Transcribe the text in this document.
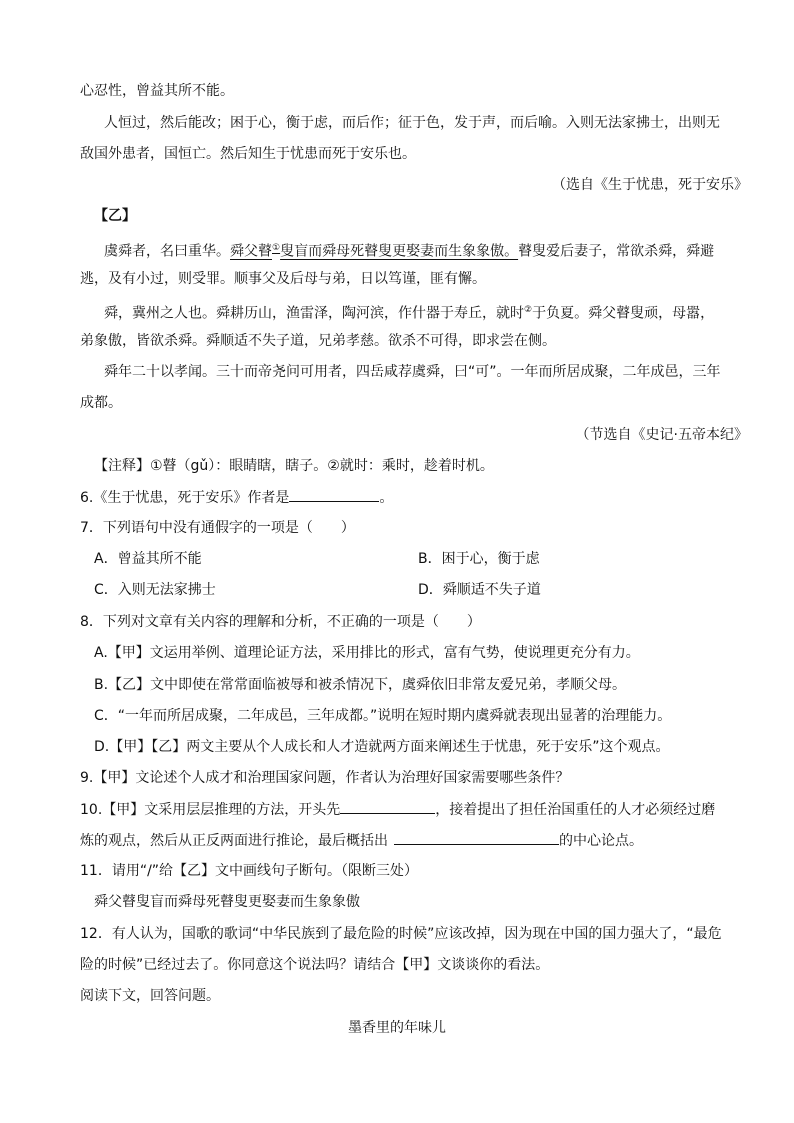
心忍性，曾益其所不能。
人恒过，然后能改；困于心，衡于虑，而后作；征于色，发于声，而后喻。入则无法家拂士，出则无
敌国外患者，国恒亡。然后知生于忧患而死于安乐也。
（选自《生于忧患，死于安乐》
【乙】
虞舜者，名曰重华。舜父瞽①叟盲而舜母死瞽叟更娶妻而生象象傲。瞽叟爱后妻子，常欲杀舜，舜避
逃，及有小过，则受罪。顺事父及后母与弟，日以笃谨，匪有懈。
舜，冀州之人也。舜耕历山，渔雷泽，陶河滨，作什器于寿丘，就时②于负夏。舜父瞽叟顽，母嚣，
弟象傲，皆欲杀舜。舜顺适不失子道，兄弟孝慈。欲杀不可得，即求尝在侧。
舜年二十以孝闻。三十而帝尧问可用者，四岳咸荐虞舜，曰“可”。一年而所居成聚，二年成邑，三年
成都。
（节选自《史记·五帝本纪》
【注释】①瞽（gǔ）：眼睛瞎，瞎子。②就时：乘时，趁着时机。
6.《生于忧患，死于安乐》作者是	。
7．下列语句中没有通假字的一项是（　　）
A．曾益其所不能	B．困于心，衡于虑
C．入则无法家拂士	D．舜顺适不失子道
8．下列对文章有关内容的理解和分析，不正确的一项是（　　）
A.【甲】文运用举例、道理论证方法，采用排比的形式，富有气势，使说理更充分有力。
B.【乙】文中即使在常常面临被辱和被杀情况下，虞舜依旧非常友爱兄弟，孝顺父母。
C．“一年而所居成聚，二年成邑，三年成都。”说明在短时期内虞舜就表现出显著的治理能力。
D.【甲】【乙】两文主要从个人成长和人才造就两方面来阐述生于忧患，死于安乐”这个观点。
9.【甲】文论述个人成才和治理国家问题，作者认为治理好国家需要哪些条件？
10.【甲】文采用层层推理的方法，开头先	，接着提出了担任治国重任的人才必须经过磨
炼的观点，然后从正反两面进行推论，最后概括出	的中心论点。
11．请用“/”给【乙】文中画线句子断句。（限断三处）
舜父瞽叟盲而舜母死瞽叟更娶妻而生象象傲
12．有人认为，国歌的歌词“中华民族到了最危险的时候”应该改掉，因为现在中国的国力强大了，“最危
险的时候”已经过去了。你同意这个说法吗？请结合【甲】文谈谈你的看法。
阅读下文，回答问题。
墨香里的年味儿
